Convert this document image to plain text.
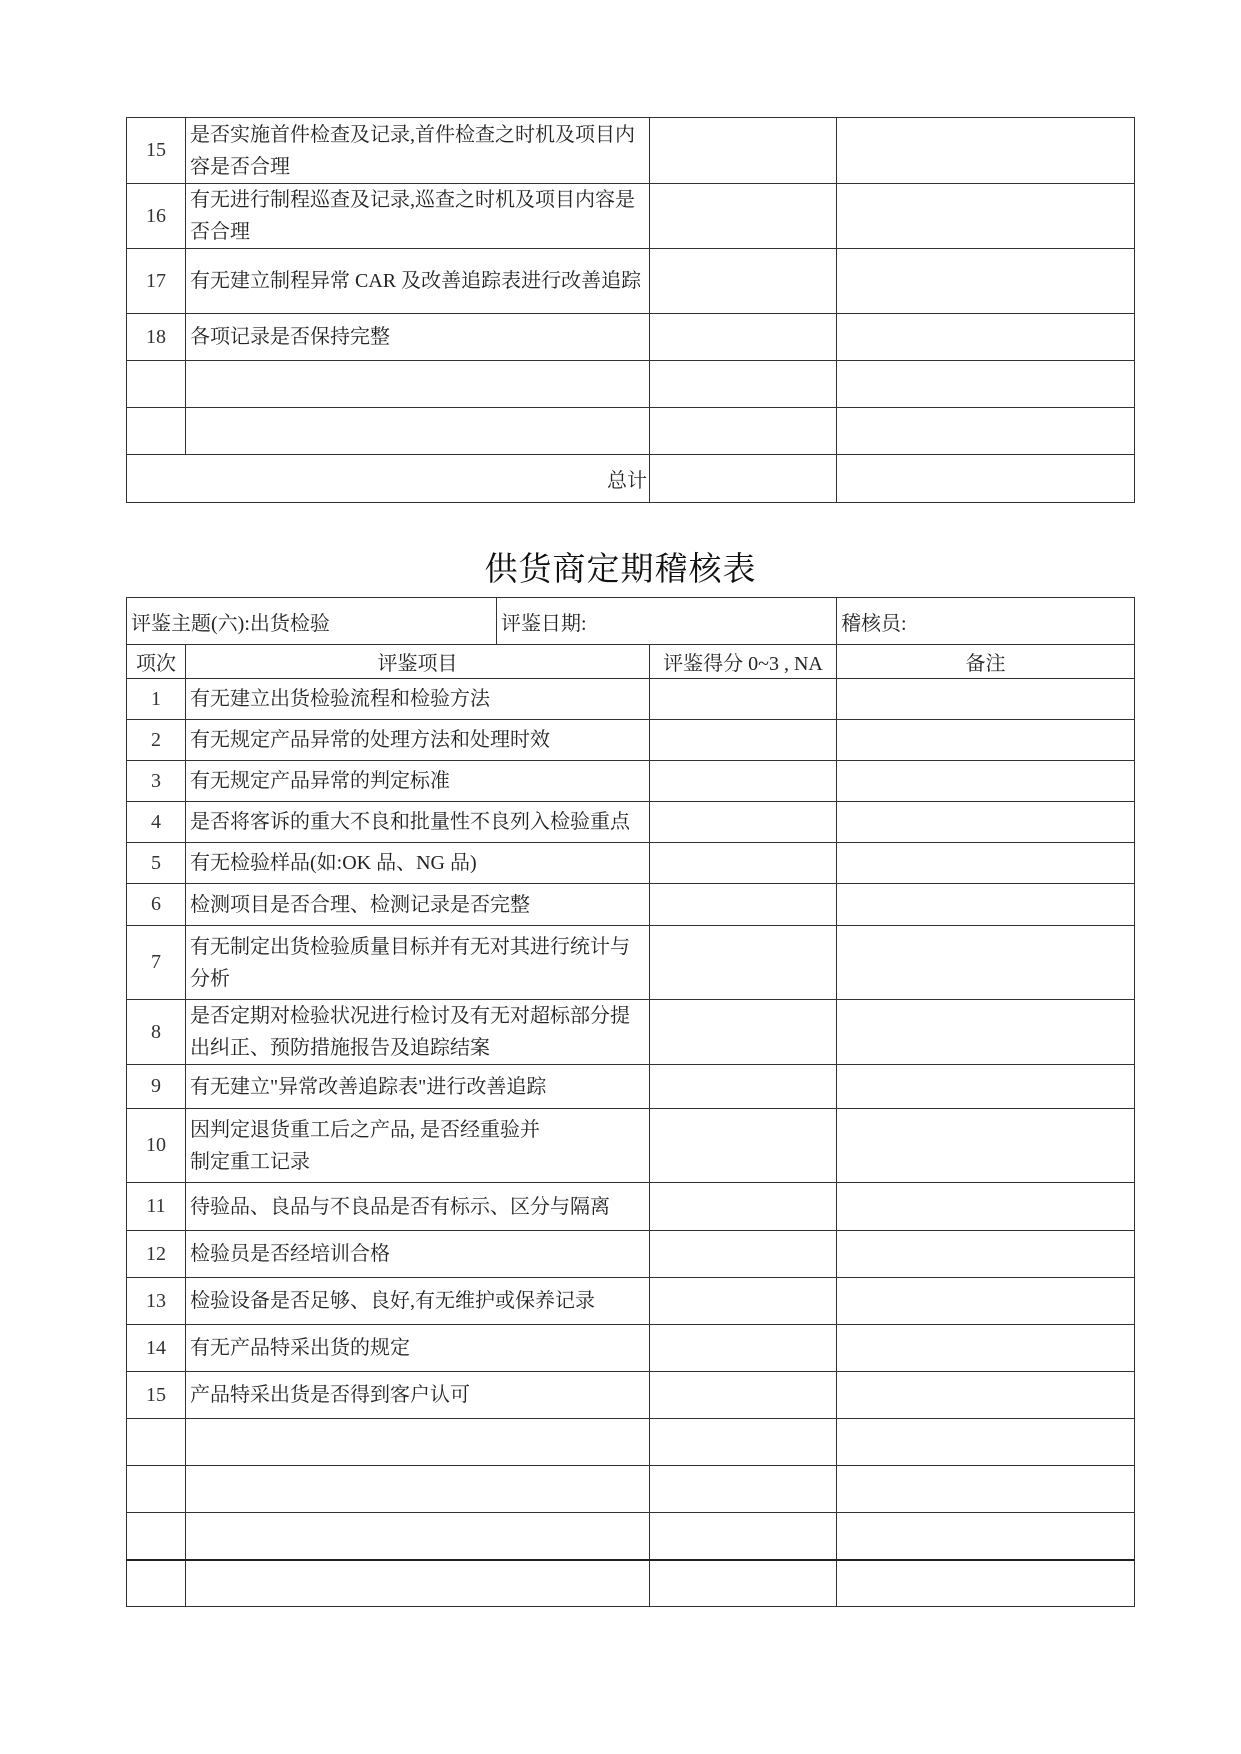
15	是否实施首件检查及记录,首件检查之时机及项目内容是否合理		
16	有无进行制程巡查及记录,巡查之时机及项目内容是否合理		
17	有无建立制程异常 CAR 及改善追踪表进行改善追踪		
18	各项记录是否保持完整		

总计			
供货商定期稽核表
评鉴主题(六):出货检验		评鉴日期:		稽核员:
项次	评鉴项目		评鉴得分 0~3 , NA	备注
1	有无建立出货检验流程和检验方法			
2	有无规定产品异常的处理方法和处理时效			
3	有无规定产品异常的判定标准			
4	是否将客诉的重大不良和批量性不良列入检验重点			
5	有无检验样品(如:OK 品、NG 品)			
6	检测项目是否合理、检测记录是否完整			
7	有无制定出货检验质量目标并有无对其进行统计与分析			
8	是否定期对检验状况进行检讨及有无对超标部分提出纠正、预防措施报告及追踪结案			
9	有无建立"异常改善追踪表"进行改善追踪			
10	因判定退货重工后之产品, 是否经重验并
制定重工记录			

11	待验品、良品与不良品是否有标示、区分与隔离			
12	检验员是否经培训合格			
13	检验设备是否足够、良好,有无维护或保养记录			
14	有无产品特采出货的规定			
15	产品特采出货是否得到客户认可			
